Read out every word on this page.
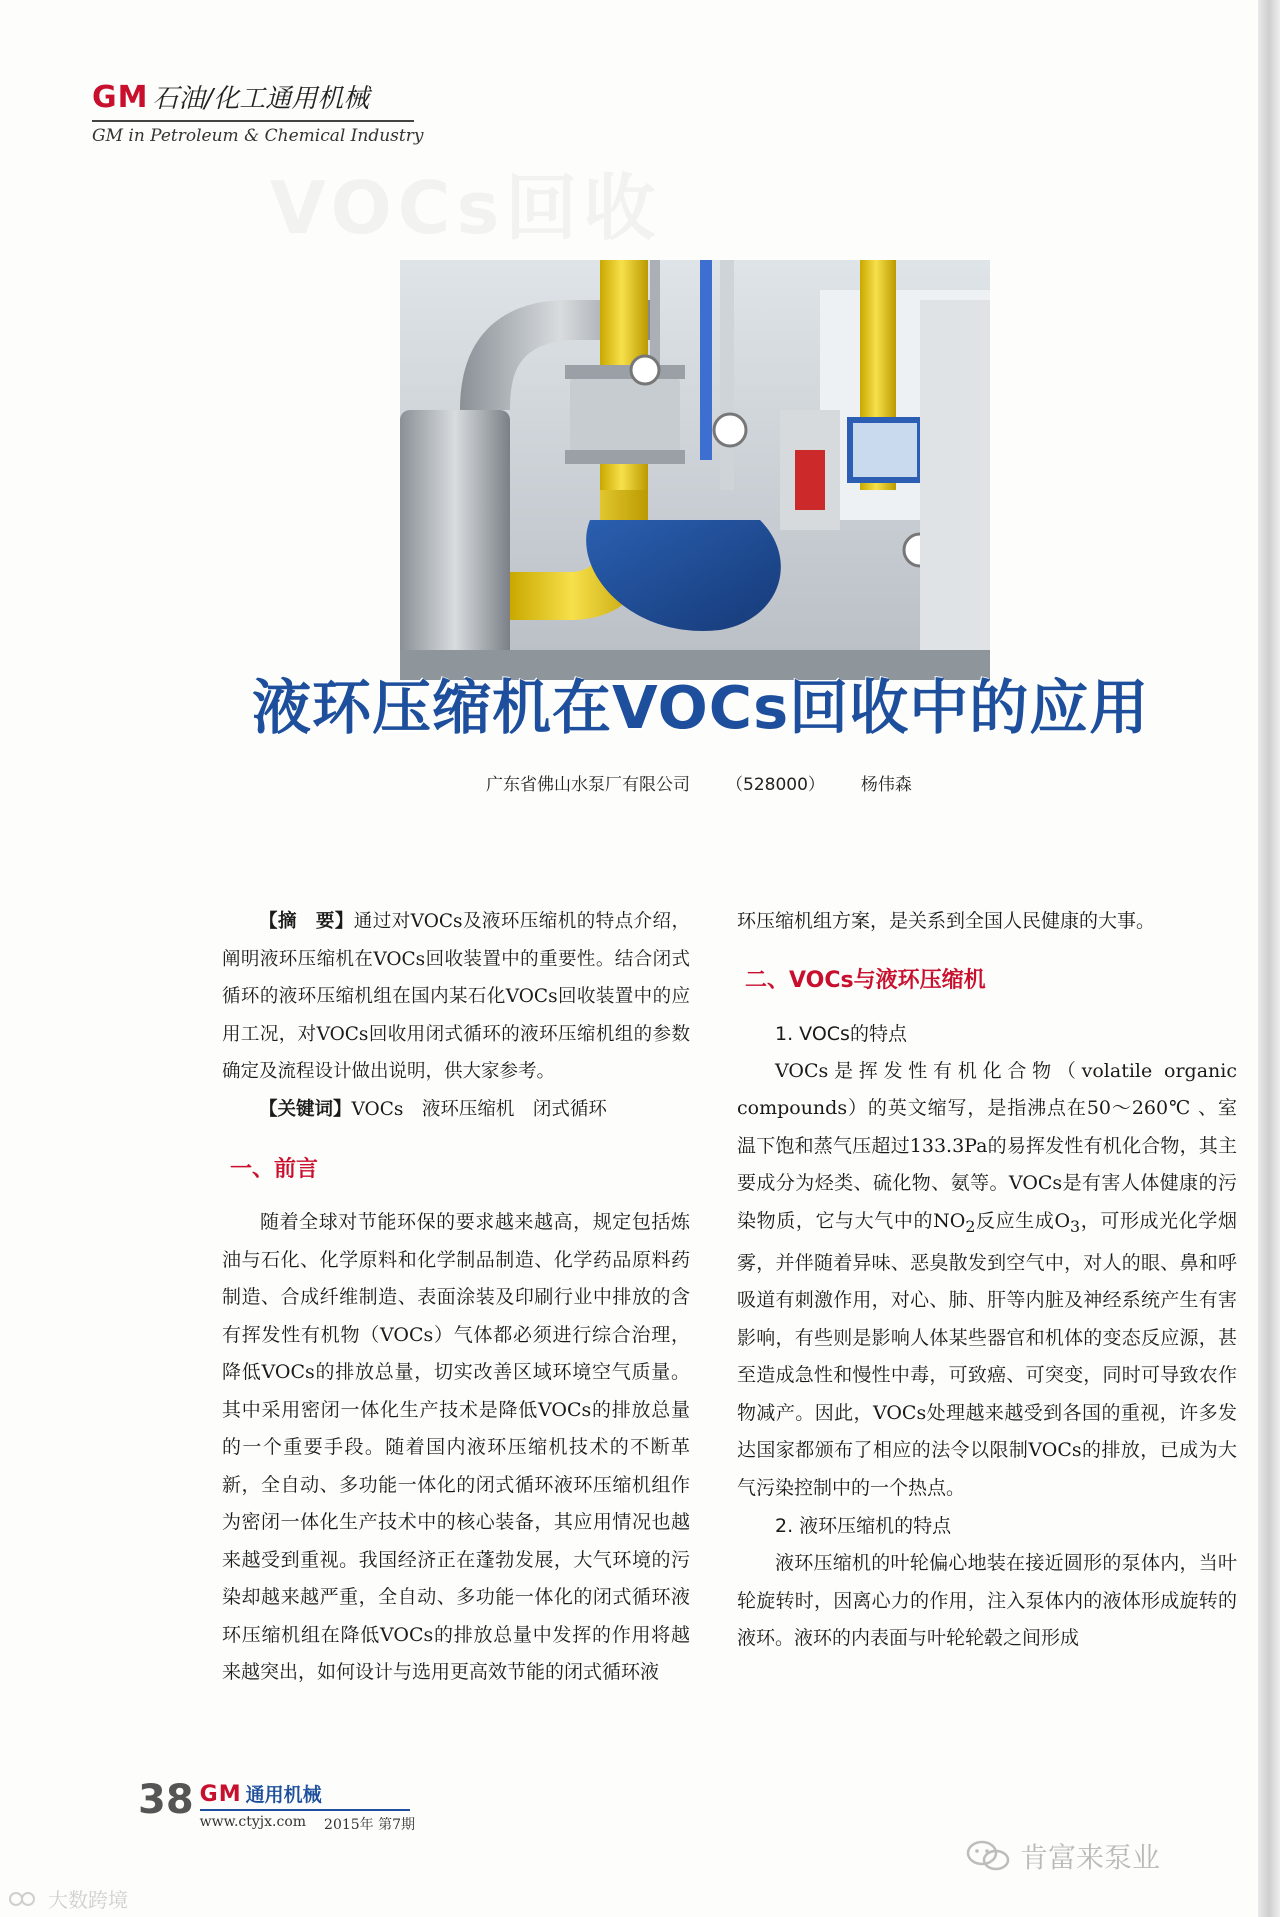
GM 石油/化工通用机械
GM in Petroleum & Chemical Industry
VOCs回收
液环压缩机在VOCs回收中的应用
广东省佛山水泵厂有限公司 （528000） 杨伟森

【摘　要】通过对VOCs及液环压缩机的特点介绍，阐明液环压缩机在VOCs回收装置中的重要性。结合闭式循环的液环压缩机组在国内某石化VOCs回收装置中的应用工况，对VOCs回收用闭式循环的液环压缩机组的参数确定及流程设计做出说明，供大家参考。

【关键词】VOCs　液环压缩机　闭式循环

一、前言

随着全球对节能环保的要求越来越高，规定包括炼油与石化、化学原料和化学制品制造、化学药品原料药制造、合成纤维制造、表面涂装及印刷行业中排放的含有挥发性有机物（VOCs）气体都必须进行综合治理，降低VOCs的排放总量，切实改善区域环境空气质量。其中采用密闭一体化生产技术是降低VOCs的排放总量的一个重要手段。随着国内液环压缩机技术的不断革新，全自动、多功能一体化的闭式循环液环压缩机组作为密闭一体化生产技术中的核心装备，其应用情况也越来越受到重视。我国经济正在蓬勃发展，大气环境的污染却越来越严重，全自动、多功能一体化的闭式循环液环压缩机组在降低VOCs的排放总量中发挥的作用将越来越突出，如何设计与选用更高效节能的闭式循环液

环压缩机组方案，是关系到全国人民健康的大事。

二、VOCs与液环压缩机

1. VOCs的特点

VOCs是挥发性有机化合物（volatile organic compounds）的英文缩写，是指沸点在50～260℃ 、室温下饱和蒸气压超过133.3Pa的易挥发性有机化合物，其主要成分为烃类、硫化物、氨等。VOCs是有害人体健康的污染物质，它与大气中的$NO_2$反应生成$O_3$，可形成光化学烟雾，并伴随着异味、恶臭散发到空气中，对人的眼、鼻和呼吸道有刺激作用，对心、肺、肝等内脏及神经系统产生有害影响，有些则是影响人体某些器官和机体的变态反应源，甚至造成急性和慢性中毒，可致癌、可突变，同时可导致农作物减产。因此，VOCs处理越来越受到各国的重视，许多发达国家都颁布了相应的法令以限制VOCs的排放，已成为大气污染控制中的一个热点。

2. 液环压缩机的特点

液环压缩机的叶轮偏心地装在接近圆形的泵体内，当叶轮旋转时，因离心力的作用，注入泵体内的液体形成旋转的液环。液环的内表面与叶轮轮毂之间形成

38 GM 通用机械
www.ctyjx.com 2015年 第7期
肯富来泵业
大数跨境
